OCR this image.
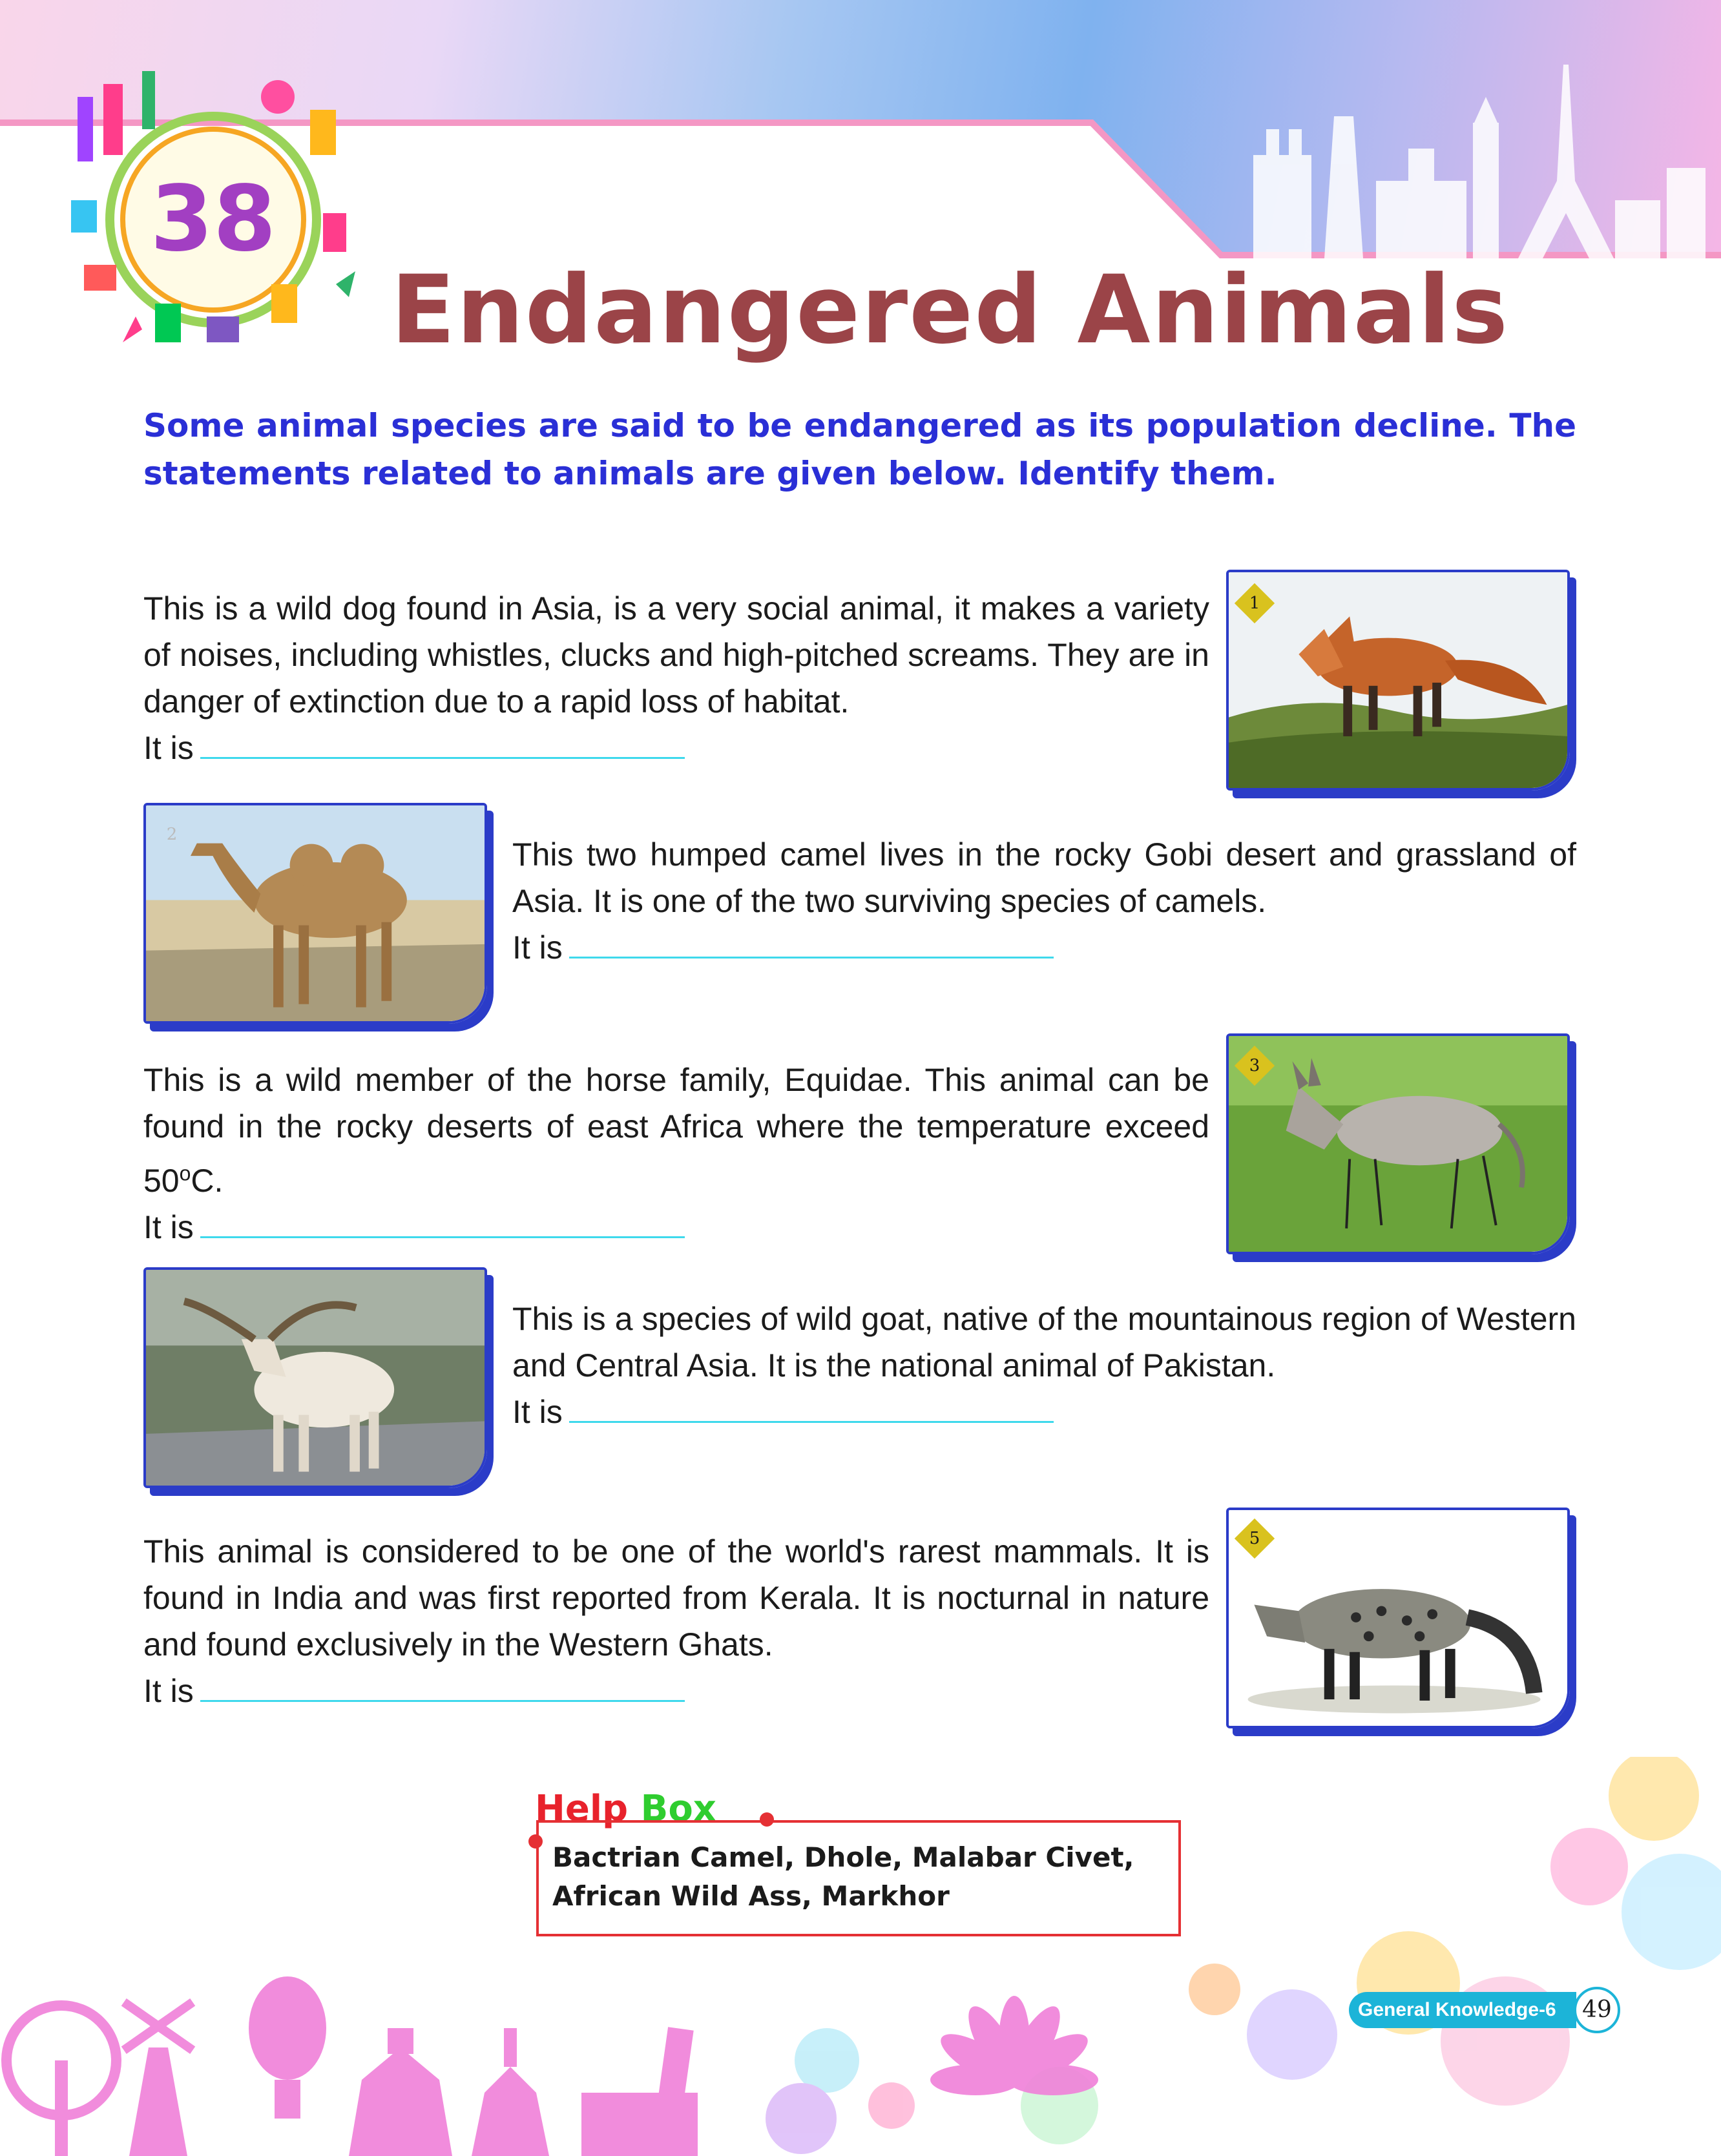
38
Endangered Animals

Some animal species are said to be endangered as its population decline. The statements related to animals are given below. Identify them.

This is a wild dog found in Asia, is a very social animal, it makes a variety of noises, including whistles, clucks and high-pitched screams. They are in danger of extinction due to a rapid loss of habitat.
It is
1
2
This two humped camel lives in the rocky Gobi desert and grassland of Asia. It is one of the two surviving species of camels.
It is
This is a wild member of the horse family, Equidae. This animal can be found in the rocky deserts of east Africa where the temperature exceed 50$^o$C.
It is
3
This is a species of wild goat, native of the mountainous region of Western and Central Asia. It is the national animal of Pakistan.
It is
This animal is considered to be one of the world's rarest mammals. It is found in India and was first reported from Kerala. It is nocturnal in nature and found exclusively in the Western Ghats.
It is
5
Help Box

Bactrian Camel, Dhole, Malabar Civet, African Wild Ass, Markhor

General Knowledge-6	49
